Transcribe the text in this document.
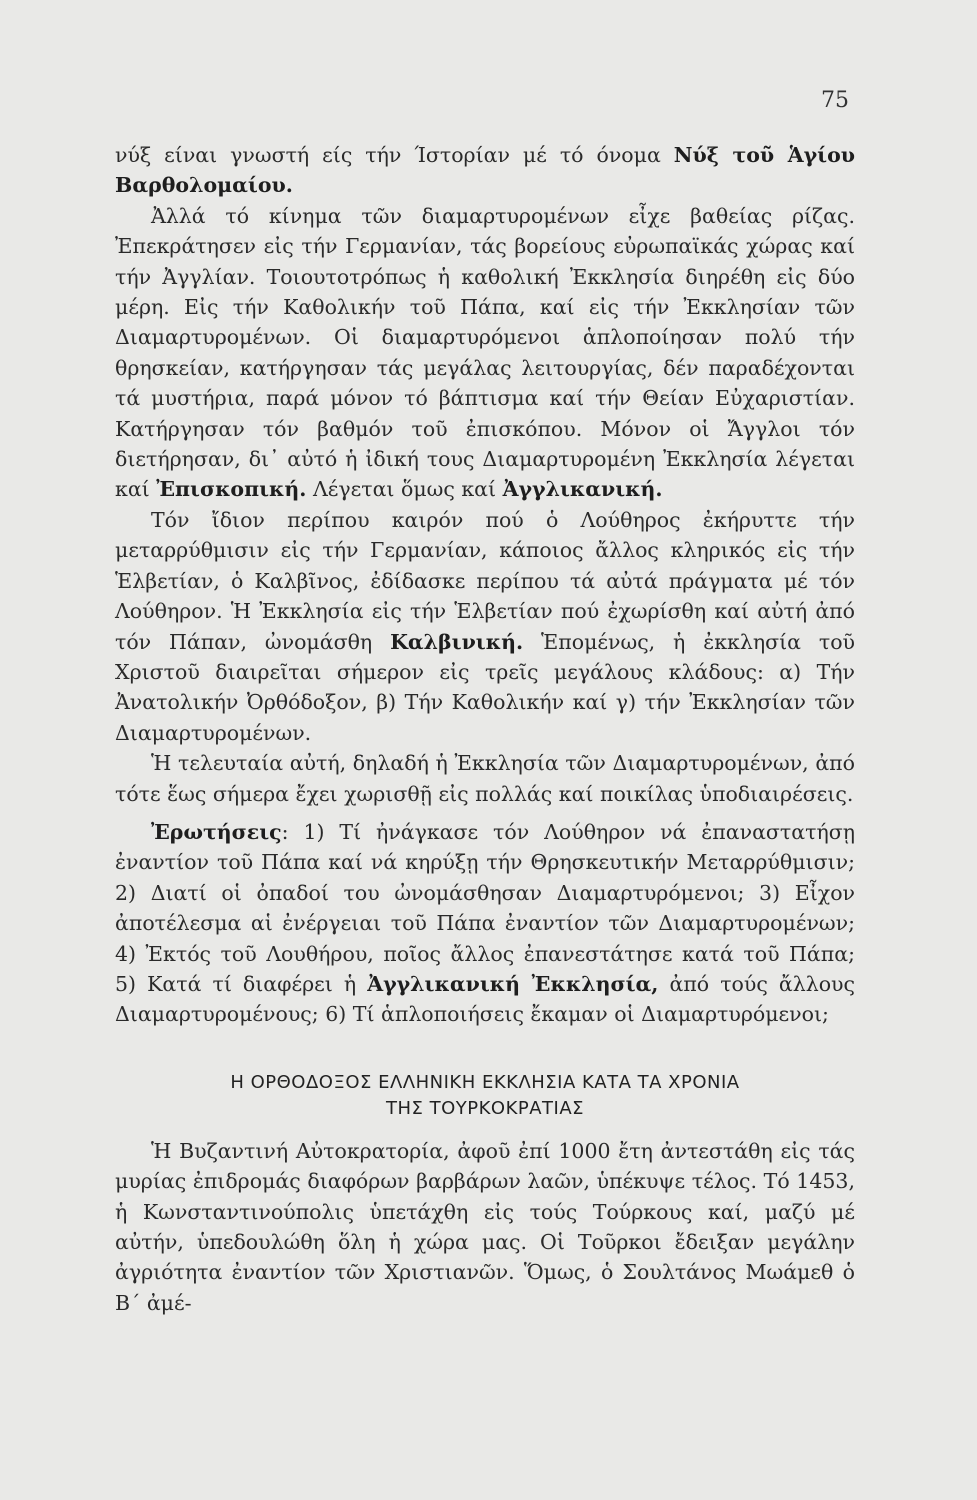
75

νύξ είναι γνωστή είς τήν Ίστορίαν μέ τό όνομα Νύξ τοῦ Ἁγίου Βαρθολομαίου.

Ἀλλά τό κίνημα τῶν διαμαρτυρομένων εἶχε βαθείας ρίζας. Ἐπεκράτησεν εἰς τήν Γερμανίαν, τάς βορείους εὐρωπαϊκάς χώρας καί τήν Ἀγγλίαν. Τοιουτοτρόπως ἡ καθολική Ἐκκλησία διηρέθη εἰς δύο μέρη. Εἰς τήν Καθολικήν τοῦ Πάπα, καί εἰς τήν Ἐκκλησίαν τῶν Διαμαρτυρομένων. Οἱ διαμαρτυρόμενοι ἁπλοποίησαν πολύ τήν θρησκείαν, κατήργησαν τάς μεγάλας λειτουργίας, δέν παραδέχονται τά μυστήρια, παρά μόνον τό βάπτισμα καί τήν Θείαν Εὐχαριστίαν. Κατήργησαν τόν βαθμόν τοῦ ἐπισκόπου. Μόνον οἱ Ἄγγλοι τόν διετήρησαν, δι᾽ αὐτό ἡ ἰδική τους Διαμαρτυρομένη Ἐκκλησία λέγεται καί Ἐπισκοπική. Λέγεται ὅμως καί Ἀγγλικανική.

Τόν ἴδιον περίπου καιρόν πού ὁ Λούθηρος ἐκήρυττε τήν μεταρρύθμισιν εἰς τήν Γερμανίαν, κάποιος ἄλλος κληρικός εἰς τήν Ἑλβετίαν, ὁ Καλβῖνος, ἐδίδασκε περίπου τά αὐτά πράγματα μέ τόν Λούθηρον. Ἡ Ἐκκλησία εἰς τήν Ἑλβετίαν πού ἐχωρίσθη καί αὐτή ἀπό τόν Πάπαν, ὠνομάσθη Καλβινική. Ἑπομένως, ἡ ἐκκλησία τοῦ Χριστοῦ διαιρεῖται σήμερον εἰς τρεῖς μεγάλους κλάδους: α) Τήν Ἀνατολικήν Ὀρθόδοξον, β) Τήν Καθολικήν καί γ) τήν Ἐκκλησίαν τῶν Διαμαρτυρομένων.

Ἡ τελευταία αὐτή, δηλαδή ἡ Ἐκκλησία τῶν Διαμαρτυρομένων, ἀπό τότε ἕως σήμερα ἔχει χωρισθῇ εἰς πολλάς καί ποικίλας ὑποδιαιρέσεις.

Ἐρωτήσεις: 1) Τί ἠνάγκασε τόν Λούθηρον νά ἐπαναστατήσῃ ἐναντίον τοῦ Πάπα καί νά κηρύξῃ τήν Θρησκευτικήν Μεταρρύθμισιν; 2) Διατί οἱ ὀπαδοί του ὠνομάσθησαν Διαμαρτυρόμενοι; 3) Εἶχον ἀποτέλεσμα αἱ ἐνέργειαι τοῦ Πάπα ἐναντίον τῶν Διαμαρτυρομένων; 4) Ἐκτός τοῦ Λουθήρου, ποῖος ἄλλος ἐπανεστάτησε κατά τοῦ Πάπα; 5) Κατά τί διαφέρει ἡ Ἀγγλικανική Ἐκκλησία, ἀπό τούς ἄλλους Διαμαρτυρομένους; 6) Τί ἁπλοποιήσεις ἔκαμαν οἱ Διαμαρτυρόμενοι;
Η ΟΡΘΟΔΟΞΟΣ ΕΛΛΗΝΙΚΗ ΕΚΚΛΗΣΙΑ ΚΑΤΑ ΤΑ ΧΡΟΝΙΑ
ΤΗΣ ΤΟΥΡΚΟΚΡΑΤΙΑΣ
Ἡ Βυζαντινή Αὐτοκρατορία, ἀφοῦ ἐπί 1000 ἔτη ἀντεστάθη εἰς τάς μυρίας ἐπιδρομάς διαφόρων βαρβάρων λαῶν, ὑπέκυψε τέλος. Τό 1453, ἡ Κωνσταντινούπολις ὑπετάχθη εἰς τούς Τούρκους καί, μαζύ μέ αὐτήν, ὑπεδουλώθη ὅλη ἡ χώρα μας. Οἱ Τοῦρκοι ἔδειξαν μεγάλην ἀγριότητα ἐναντίον τῶν Χριστιανῶν. Ὅμως, ὁ Σουλτάνος Μωάμεθ ὁ Β΄ ἀμέ-
